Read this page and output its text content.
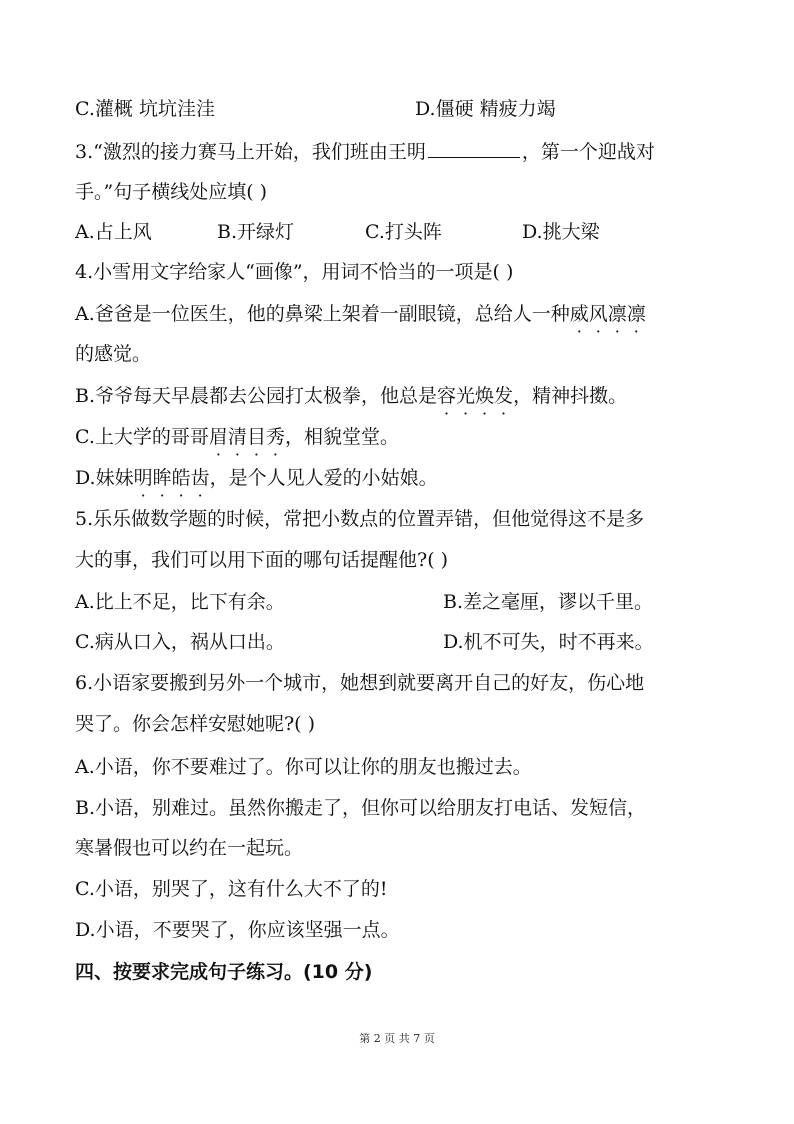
C.灌概 坑坑洼洼	D.僵硬 精疲力竭
3.“激烈的接力赛马上开始，我们班由王明	，第一个迎战对
手。”句子横线处应填( )
A.占上风	B.开绿灯	C.打头阵	D.挑大梁
4.小雪用文字给家人“画像”，用词不恰当的一项是( )
A.爸爸是一位医生，他的鼻梁上架着一副眼镜，总给人一种威风凛凛
的感觉。
B.爷爷每天早晨都去公园打太极拳，他总是容光焕发，精神抖擞。
C.上大学的哥哥眉清目秀，相貌堂堂。
D.妹妹明眸皓齿，是个人见人爱的小姑娘。
5.乐乐做数学题的时候，常把小数点的位置弄错，但他觉得这不是多
大的事，我们可以用下面的哪句话提醒他?( )
A.比上不足，比下有余。	B.差之毫厘，谬以千里。
C.病从口入，祸从口出。	D.机不可失，时不再来。
6.小语家要搬到另外一个城市，她想到就要离开自己的好友，伤心地
哭了。你会怎样安慰她呢?( )
A.小语，你不要难过了。你可以让你的朋友也搬过去。
B.小语，别难过。虽然你搬走了，但你可以给朋友打电话、发短信，
寒暑假也可以约在一起玩。
C.小语，别哭了，这有什么大不了的!
D.小语，不要哭了，你应该坚强一点。
四、按要求完成句子练习。(10 分)
第 2 页 共 7 页
